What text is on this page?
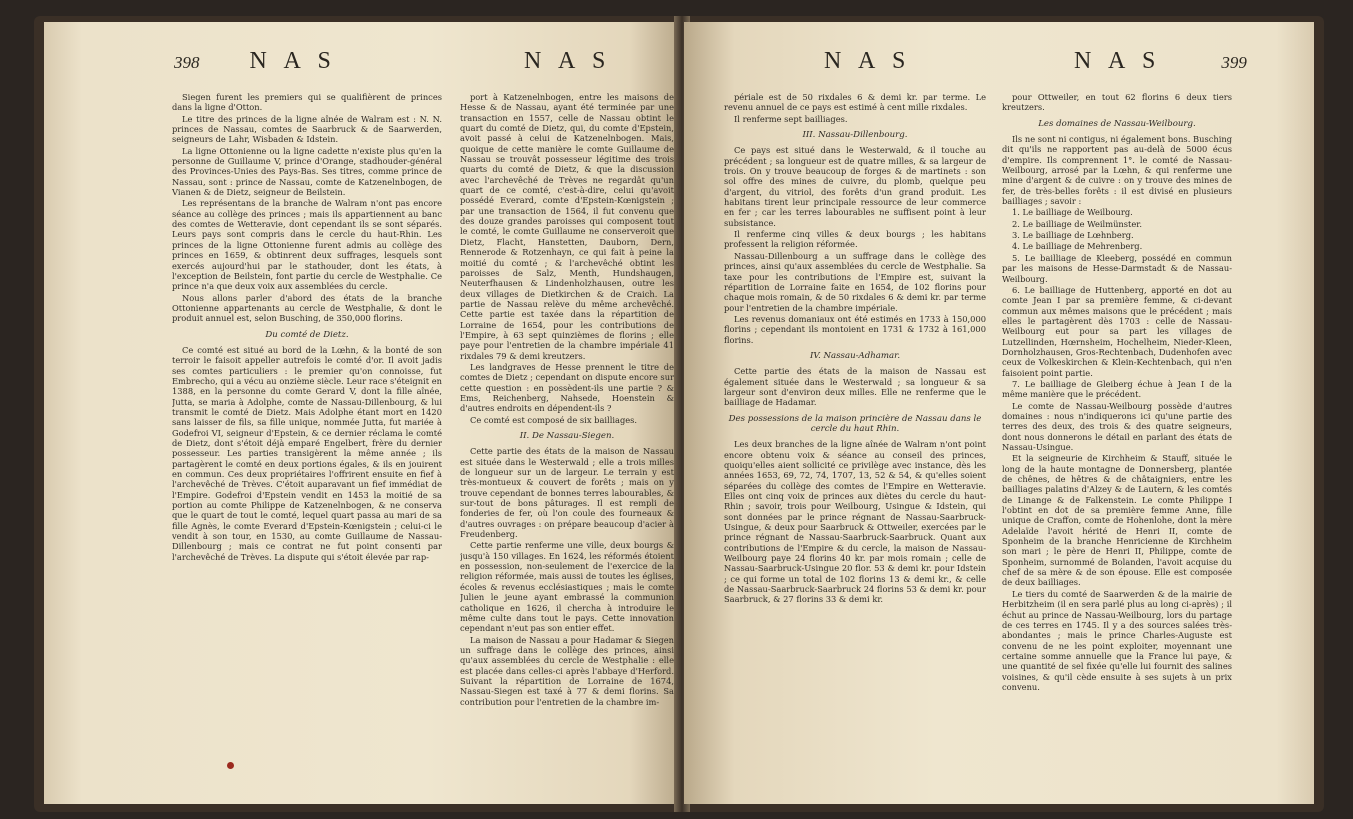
398 N A S	N A S

Siegen furent les premiers qui se qualifièrent de princes dans la ligne d'Otton.

Le titre des princes de la ligne aînée de Walram est : N. N. princes de Nassau, comtes de Saarbruck & de Saarwerden, seigneurs de Lahr, Wisbaden & Idstein.

La ligne Ottonienne ou la ligne cadette n'existe plus qu'en la personne de Guillaume V, prince d'Orange, stadhouder-général des Provinces-Unies des Pays-Bas. Ses titres, comme prince de Nassau, sont : prince de Nassau, comte de Katzenelnbogen, de Vianen & de Dietz, seigneur de Beilstein.

Les représentans de la branche de Walram n'ont pas encore séance au collège des princes ; mais ils appartiennent au banc des comtes de Wetteravie, dont cependant ils se sont séparés. Leurs pays sont compris dans le cercle du haut-Rhin. Les princes de la ligne Ottonienne furent admis au collège des princes en 1659, & obtinrent deux suffrages, lesquels sont exercés aujourd'hui par le stathouder, dont les états, à l'exception de Beilstein, font partie du cercle de Westphalie. Ce prince n'a que deux voix aux assemblées du cercle.

Nous allons parler d'abord des états de la branche Ottonienne appartenants au cercle de Westphalie, & dont le produit annuel est, selon Busching, de 350,000 florins.

Du comté de Dietz.

Ce comté est situé au bord de la Lœhn, & la bonté de son terroir le faisoit appeller autrefois le comté d'or. Il avoit jadis ses comtes particuliers : le premier qu'on connoisse, fut Embrecho, qui a vécu au onzième siècle. Leur race s'éteignit en 1388, en la personne du comte Gerard V, dont la fille aînée, Jutta, se maria à Adolphe, comte de Nassau-Dillenbourg, & lui transmit le comté de Dietz. Mais Adolphe étant mort en 1420 sans laisser de fils, sa fille unique, nommée Jutta, fut mariée à Godefroi VI, seigneur d'Epstein, & ce dernier réclama le comté de Dietz, dont s'étoit déjà emparé Engelbert, frère du dernier possesseur. Les parties transigèrent la même année ; ils partagèrent le comté en deux portions égales, & ils en jouirent en commun. Ces deux propriétaires l'offrirent ensuite en fief à l'archevêché de Trèves. C'étoit auparavant un fief immédiat de l'Empire. Godefroi d'Epstein vendit en 1453 la moitié de sa portion au comte Philippe de Katzenelnbogen, & ne conserva que le quart de tout le comté, lequel quart passa au mari de sa fille Agnès, le comte Everard d'Epstein-Kœnigstein ; celui-ci le vendit à son tour, en 1530, au comte Guillaume de Nassau-Dillenbourg ; mais ce contrat ne fut point consenti par l'archevêché de Trèves. La dispute qui s'étoit élevée par rap-

port à Katzenelnbogen, entre les maisons de Hesse & de Nassau, ayant été terminée par une transaction en 1557, celle de Nassau obtint le quart du comté de Dietz, qui, du comte d'Epstein, avoit passé à celui de Katzenelnbogen. Mais, quoique de cette manière le comte Guillaume de Nassau se trouvât possesseur légitime des trois quarts du comté de Dietz, & que la discussion avec l'archevêché de Trèves ne regardât qu'un quart de ce comté, c'est-à-dire, celui qu'avoit possédé Everard, comte d'Epstein-Kœnigstein ; par une transaction de 1564, il fut convenu que des douze grandes paroisses qui composent tout le comté, le comte Guillaume ne conserveroit que Dietz, Flacht, Hanstetten, Dauborn, Dern, Rennerode & Rotzenhayn, ce qui fait à peine la moitié du comté ; & l'archevêché obtint les paroisses de Salz, Menth, Hundshaugen, Neuterfhausen & Lindenholzhausen, outre les deux villages de Dietkirchen & de Craich. La partie de Nassau relève du même archevêché. Cette partie est taxée dans la répartition de Lorraine de 1654, pour les contributions de l'Empire, à 63 sept quinzièmes de florins ; elle paye pour l'entretien de la chambre impériale 41 rixdales 79 & demi kreutzers.

Les landgraves de Hesse prennent le titre de comtes de Dietz ; cependant on dispute encore sur cette question : en possèdent-ils une partie ? & Ems, Reichenberg, Nahsede, Hoenstein & d'autres endroits en dépendent-ils ?

Ce comté est composé de six bailliages.

II. De Nassau-Siegen.

Cette partie des états de la maison de Nassau est située dans le Westerwald ; elle a trois milles de longueur sur un de largeur. Le terrain y est très-montueux & couvert de forêts ; mais on y trouve cependant de bonnes terres labourables, & sur-tout de bons pâturages. Il est rempli de fonderies de fer, où l'on coule des fourneaux & d'autres ouvrages : on prépare beaucoup d'acier à Freudenberg.

Cette partie renferme une ville, deux bourgs & jusqu'à 150 villages. En 1624, les réformés étoient en possession, non-seulement de l'exercice de la religion réformée, mais aussi de toutes les églises, écoles & revenus ecclésiastiques ; mais le comte Julien le jeune ayant embrassé la communion catholique en 1626, il chercha à introduire le même culte dans tout le pays. Cette innovation cependant n'eut pas son entier effet.

La maison de Nassau a pour Hadamar & Siegen un suffrage dans le collège des princes, ainsi qu'aux assemblées du cercle de Westphalie : elle est placée dans celles-ci après l'abbaye d'Herford. Suivant la répartition de Lorraine de 1674, Nassau-Siegen est taxé à 77 & demi florins. Sa contribution pour l'entretien de la chambre im-

N A S	N A S	399

périale est de 50 rixdales 6 & demi kr. par terme. Le revenu annuel de ce pays est estimé à cent mille rixdales.

Il renferme sept bailliages.

III. Nassau-Dillenbourg.

Ce pays est situé dans le Westerwald, & il touche au précédent ; sa longueur est de quatre milles, & sa largeur de trois. On y trouve beaucoup de forges & de martinets : son sol offre des mines de cuivre, du plomb, quelque peu d'argent, du vitriol, des forêts d'un grand produit. Les habitans tirent leur principale ressource de leur commerce en fer ; car les terres labourables ne suffisent point à leur subsistance.

Il renferme cinq villes & deux bourgs ; les habitans professent la religion réformée.

Nassau-Dillenbourg a un suffrage dans le collège des princes, ainsi qu'aux assemblées du cercle de Westphalie. Sa taxe pour les contributions de l'Empire est, suivant la répartition de Lorraine faite en 1654, de 102 florins pour chaque mois romain, & de 50 rixdales 6 & demi kr. par terme pour l'entretien de la chambre impériale.

Les revenus domaniaux ont été estimés en 1733 à 150,000 florins ; cependant ils montoient en 1731 & 1732 à 161,000 florins.

IV. Nassau-Adhamar.

Cette partie des états de la maison de Nassau est également située dans le Westerwald ; sa longueur & sa largeur sont d'environ deux milles. Elle ne renferme que le bailliage de Hadamar.

Des possessions de la maison princière de Nassau dans le cercle du haut Rhin.

Les deux branches de la ligne aînée de Walram n'ont point encore obtenu voix & séance au conseil des princes, quoiqu'elles aient sollicité ce privilège avec instance, dès les années 1653, 69, 72, 74, 1707, 13, 52 & 54, & qu'elles soient séparées du collège des comtes de l'Empire en Wetteravie. Elles ont cinq voix de princes aux diètes du cercle du haut-Rhin ; savoir, trois pour Weilbourg, Usingue & Idstein, qui sont données par le prince régnant de Nassau-Saarbruck-Usingue, & deux pour Saarbruck & Ottweiler, exercées par le prince régnant de Nassau-Saarbruck-Saarbruck. Quant aux contributions de l'Empire & du cercle, la maison de Nassau-Weilbourg paye 24 florins 40 kr. par mois romain ; celle de Nassau-Saarbruck-Usingue 20 flor. 53 & demi kr. pour Idstein ; ce qui forme un total de 102 florins 13 & demi kr., & celle de Nassau-Saarbruck-Saarbruck 24 florins 53 & demi kr. pour Saarbruck, & 27 florins 33 & demi kr.

pour Ottweiler, en tout 62 florins 6 deux tiers kreutzers.

Les domaines de Nassau-Weilbourg.

Ils ne sont ni contigus, ni également bons. Busching dit qu'ils ne rapportent pas au-delà de 5000 écus d'empire. Ils comprennent 1°. le comté de Nassau-Weilbourg, arrosé par la Lœhn, & qui renferme une mine d'argent & de cuivre : on y trouve des mines de fer, de très-belles forêts : il est divisé en plusieurs bailliages ; savoir :

1. Le bailliage de Weilbourg.

2. Le bailliage de Weilmünster.

3. Le bailliage de Lœhnberg.

4. Le bailliage de Mehrenberg.

5. Le bailliage de Kleeberg, possédé en commun par les maisons de Hesse-Darmstadt & de Nassau-Weilbourg.

6. Le bailliage de Huttenberg, apporté en dot au comte Jean I par sa première femme, & ci-devant commun aux mêmes maisons que le précédent ; mais elles le partagèrent dès 1703 : celle de Nassau-Weilbourg eut pour sa part les villages de Lutzellinden, Hœrnsheim, Hochelheim, Nieder-Kleen, Dornholzhausen, Gros-Rechtenbach, Dudenhofen avec ceux de Volkeskirchen & Klein-Kechtenbach, qui n'en faisoient point partie.

7. Le bailliage de Gleiberg échue à Jean I de la même manière que le précédent.

Le comte de Nassau-Weilbourg possède d'autres domaines : nous n'indiquerons ici qu'une partie des terres des deux, des trois & des quatre seigneurs, dont nous donnerons le détail en parlant des états de Nassau-Usingue.

Et la seigneurie de Kirchheim & Stauff, située le long de la haute montagne de Donnersberg, plantée de chênes, de hêtres & de châtaigniers, entre les bailliages palatins d'Alzey & de Lautern, & les comtés de Linange & de Falkenstein. Le comte Philippe I l'obtint en dot de sa première femme Anne, fille unique de Craffon, comte de Hohenlohe, dont la mère Adelaïde l'avoit hérité de Henri II, comte de Sponheim de la branche Henricienne de Kirchheim son mari ; le père de Henri II, Philippe, comte de Sponheim, surnommé de Bolanden, l'avoit acquise du chef de sa mère & de son épouse. Elle est composée de deux bailliages.

Le tiers du comté de Saarwerden & de la mairie de Herbitzheim (il en sera parlé plus au long ci-après) ; il échut au prince de Nassau-Weilbourg, lors du partage de ces terres en 1745. Il y a des sources salées très-abondantes ; mais le prince Charles-Auguste est convenu de ne les point exploiter, moyennant une certaine somme annuelle que la France lui paye, & une quantité de sel fixée qu'elle lui fournit des salines voisines, & qu'il cède ensuite à ses sujets à un prix convenu.
